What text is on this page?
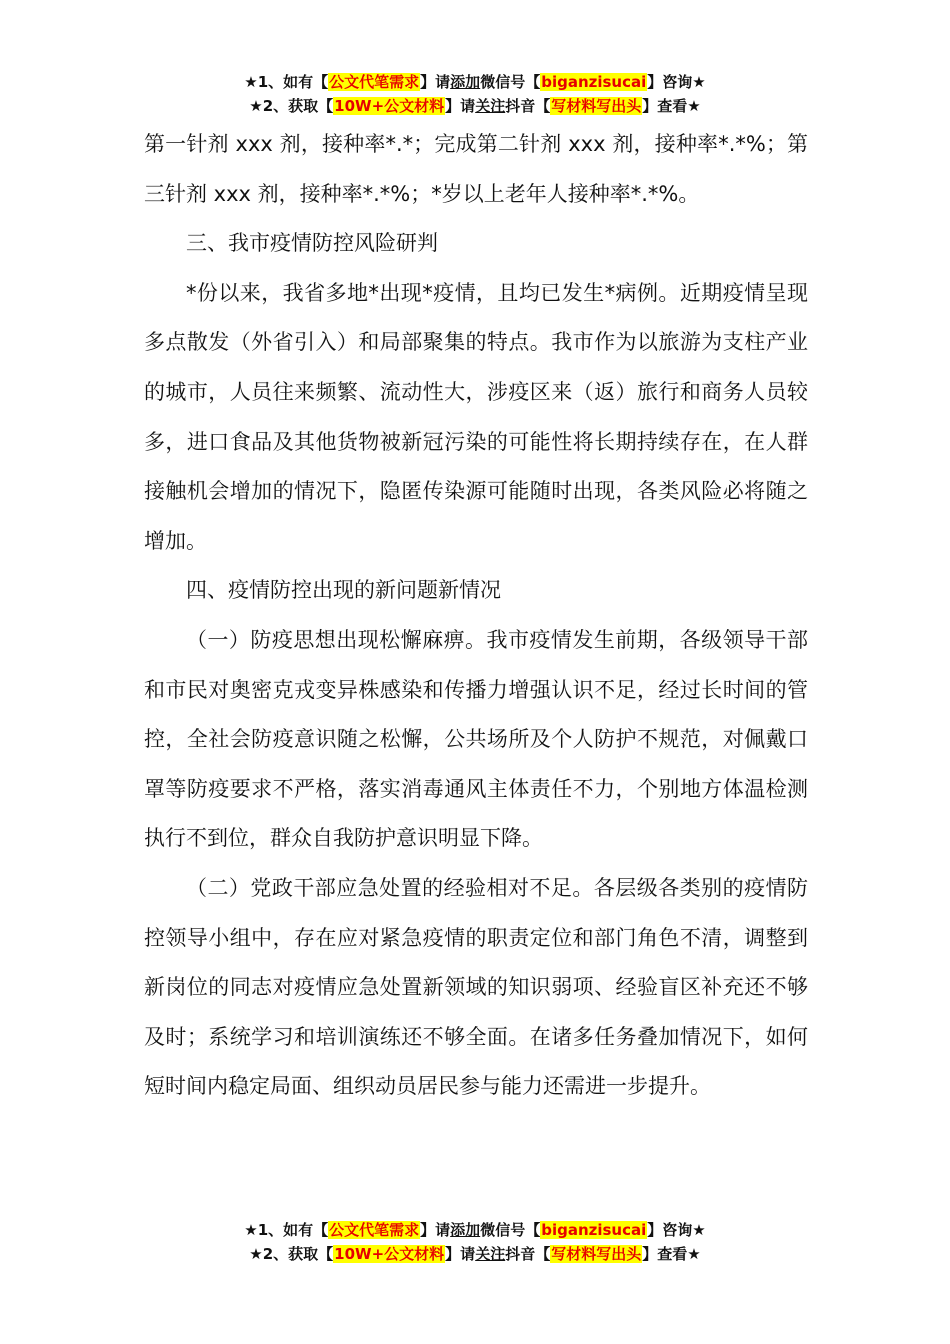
★1、如有【公文代笔需求】请添加微信号【biganzisucai】咨询★
★2、获取【10W+公文材料】请关注抖音【写材料写出头】查看★

第一针剂 xxx 剂，接种率*.*；完成第二针剂 xxx 剂，接种率*.*%；第三针剂 xxx 剂，接种率*.*%；*岁以上老年人接种率*.*%。

三、我市疫情防控风险研判

*份以来，我省多地*出现*疫情，且均已发生*病例。近期疫情呈现多点散发（外省引入）和局部聚集的特点。我市作为以旅游为支柱产业的城市，人员往来频繁、流动性大，涉疫区来（返）旅行和商务人员较多，进口食品及其他货物被新冠污染的可能性将长期持续存在，在人群接触机会增加的情况下，隐匿传染源可能随时出现，各类风险必将随之增加。

四、疫情防控出现的新问题新情况

（一）防疫思想出现松懈麻痹。我市疫情发生前期，各级领导干部和市民对奥密克戎变异株感染和传播力增强认识不足，经过长时间的管控，全社会防疫意识随之松懈，公共场所及个人防护不规范，对佩戴口罩等防疫要求不严格，落实消毒通风主体责任不力，个别地方体温检测执行不到位，群众自我防护意识明显下降。

（二）党政干部应急处置的经验相对不足。各层级各类别的疫情防控领导小组中，存在应对紧急疫情的职责定位和部门角色不清，调整到新岗位的同志对疫情应急处置新领域的知识弱项、经验盲区补充还不够及时；系统学习和培训演练还不够全面。在诸多任务叠加情况下，如何短时间内稳定局面、组织动员居民参与能力还需进一步提升。

★1、如有【公文代笔需求】请添加微信号【biganzisucai】咨询★
★2、获取【10W+公文材料】请关注抖音【写材料写出头】查看★
